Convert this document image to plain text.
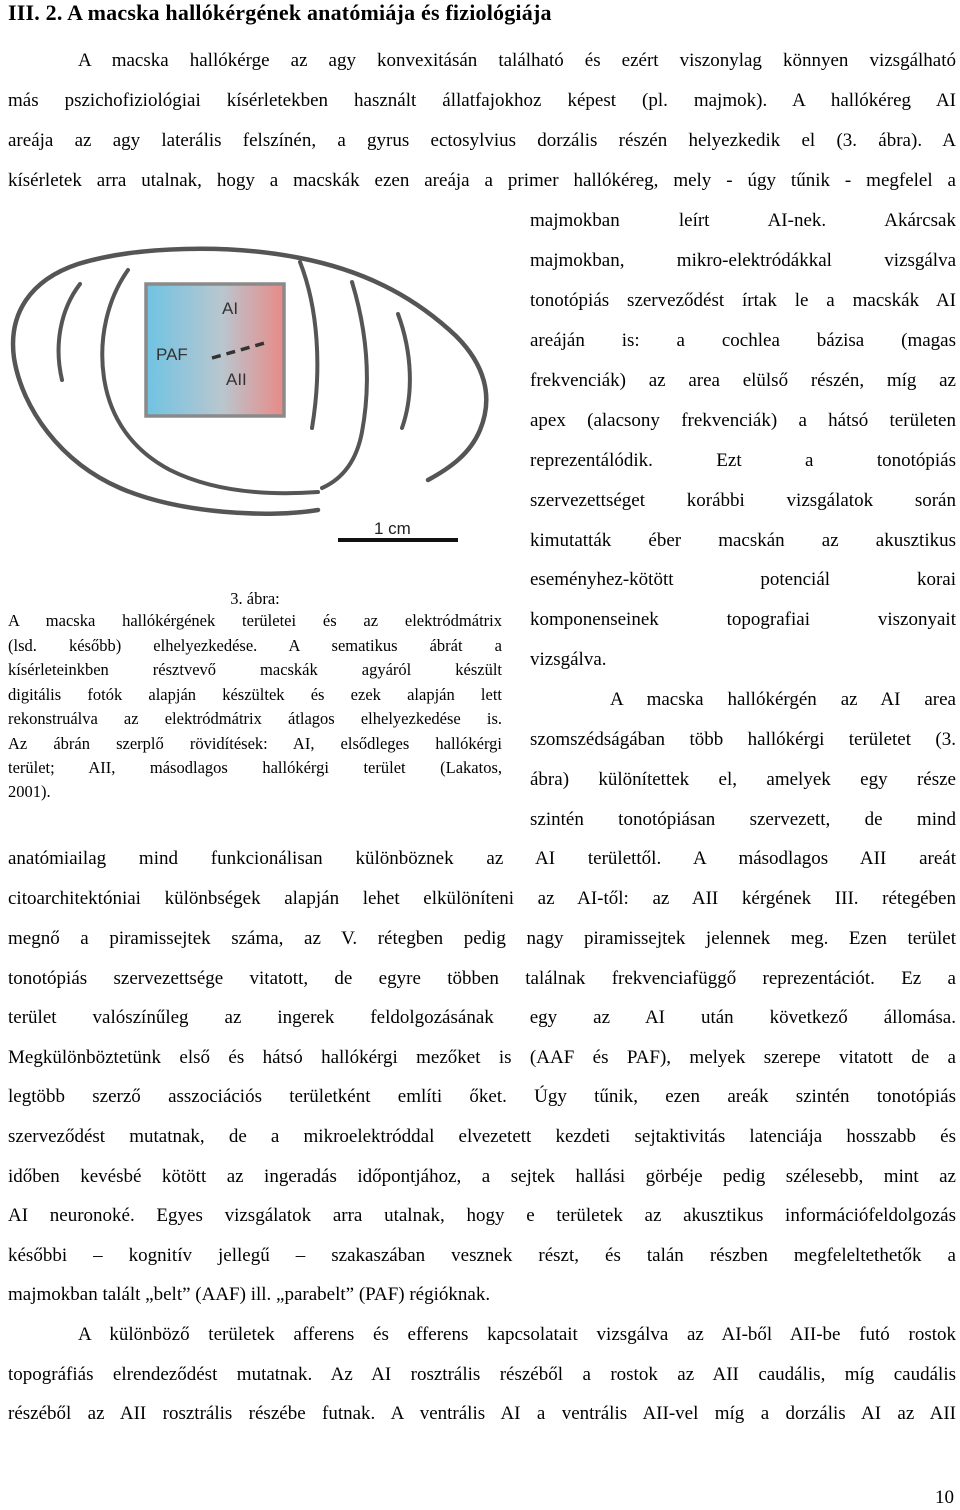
III. 2. A macska hallókérgének anatómiája és fiziológiája
A macska hallókérge az agy konvexitásán található és ezért viszonylag könnyen vizsgálható
más pszichofiziológiai kísérletekben használt állatfajokhoz képest (pl. majmok). A hallókéreg AI
areája az agy laterális felszínén, a gyrus ectosylvius dorzális részén helyezkedik el (3. ábra). A
kísérletek arra utalnak, hogy a macskák ezen areája a primer hallókéreg, mely - úgy tűnik - megfelel a
majmokban leírt AI-nek. Akárcsak
majmokban, mikro-elektródákkal vizsgálva
tonotópiás szerveződést írtak le a macskák AI
areáján is: a cochlea bázisa (magas
frekvenciák) az area elülső részén, míg az
apex (alacsony frekvenciák) a hátsó területen
reprezentálódik. Ezt a tonotópiás
szervezettséget korábbi vizsgálatok során
kimutatták éber macskán az akusztikus
eseményhez-kötött potenciál korai
komponenseinek topografiai viszonyait
vizsgálva.
A macska hallókérgén az AI area
szomszédságában több hallókérgi területet (3.
ábra) különítettek el, amelyek egy része
szintén tonotópiásan szervezett, de mind
AI
PAF
AII
1 cm
3. ábra:
A macska hallókérgének területei és az elektródmátrix
(lsd. később) elhelyezkedése. A sematikus ábrát a
kísérleteinkben résztvevő macskák agyáról készült
digitális fotók alapján készültek és ezek alapján lett
rekonstruálva az elektródmátrix átlagos elhelyezkedése is.
Az ábrán szerplő rövidítések: AI, elsődleges hallókérgi
terület; AII, másodlagos hallókérgi terület (Lakatos,
2001).
anatómiailag mind funkcionálisan különböznek az AI területtől. A másodlagos AII areát
citoarchitektóniai különbségek alapján lehet elkülöníteni az AI-től: az AII kérgének III. rétegében
megnő a piramissejtek száma, az V. rétegben pedig nagy piramissejtek jelennek meg. Ezen terület
tonotópiás szervezettsége vitatott, de egyre többen találnak frekvenciafüggő reprezentációt. Ez a
terület valószínűleg az ingerek feldolgozásának egy az AI után következő állomása.
Megkülönböztetünk első és hátsó hallókérgi mezőket is (AAF és PAF), melyek szerepe vitatott de a
legtöbb szerző asszociációs területként említi őket. Úgy tűnik, ezen areák szintén tonotópiás
szerveződést mutatnak, de a mikroelektróddal elvezetett kezdeti sejtaktivitás latenciája hosszabb és
időben kevésbé kötött az ingeradás időpontjához, a sejtek hallási görbéje pedig szélesebb, mint az
AI neuronoké. Egyes vizsgálatok arra utalnak, hogy e területek az akusztikus információfeldolgozás
későbbi – kognitív jellegű – szakaszában vesznek részt, és talán részben megfeleltethetők a
majmokban talált „belt” (AAF) ill. „parabelt” (PAF) régióknak.
A különböző területek afferens és efferens kapcsolatait vizsgálva az AI-ből AII-be futó rostok
topográfiás elrendeződést mutatnak. Az AI rosztrális részéből a rostok az AII caudális, míg caudális
részéből az AII rosztrális részébe futnak. A ventrális AI a ventrális AII-vel míg a dorzális AI az AII
10
